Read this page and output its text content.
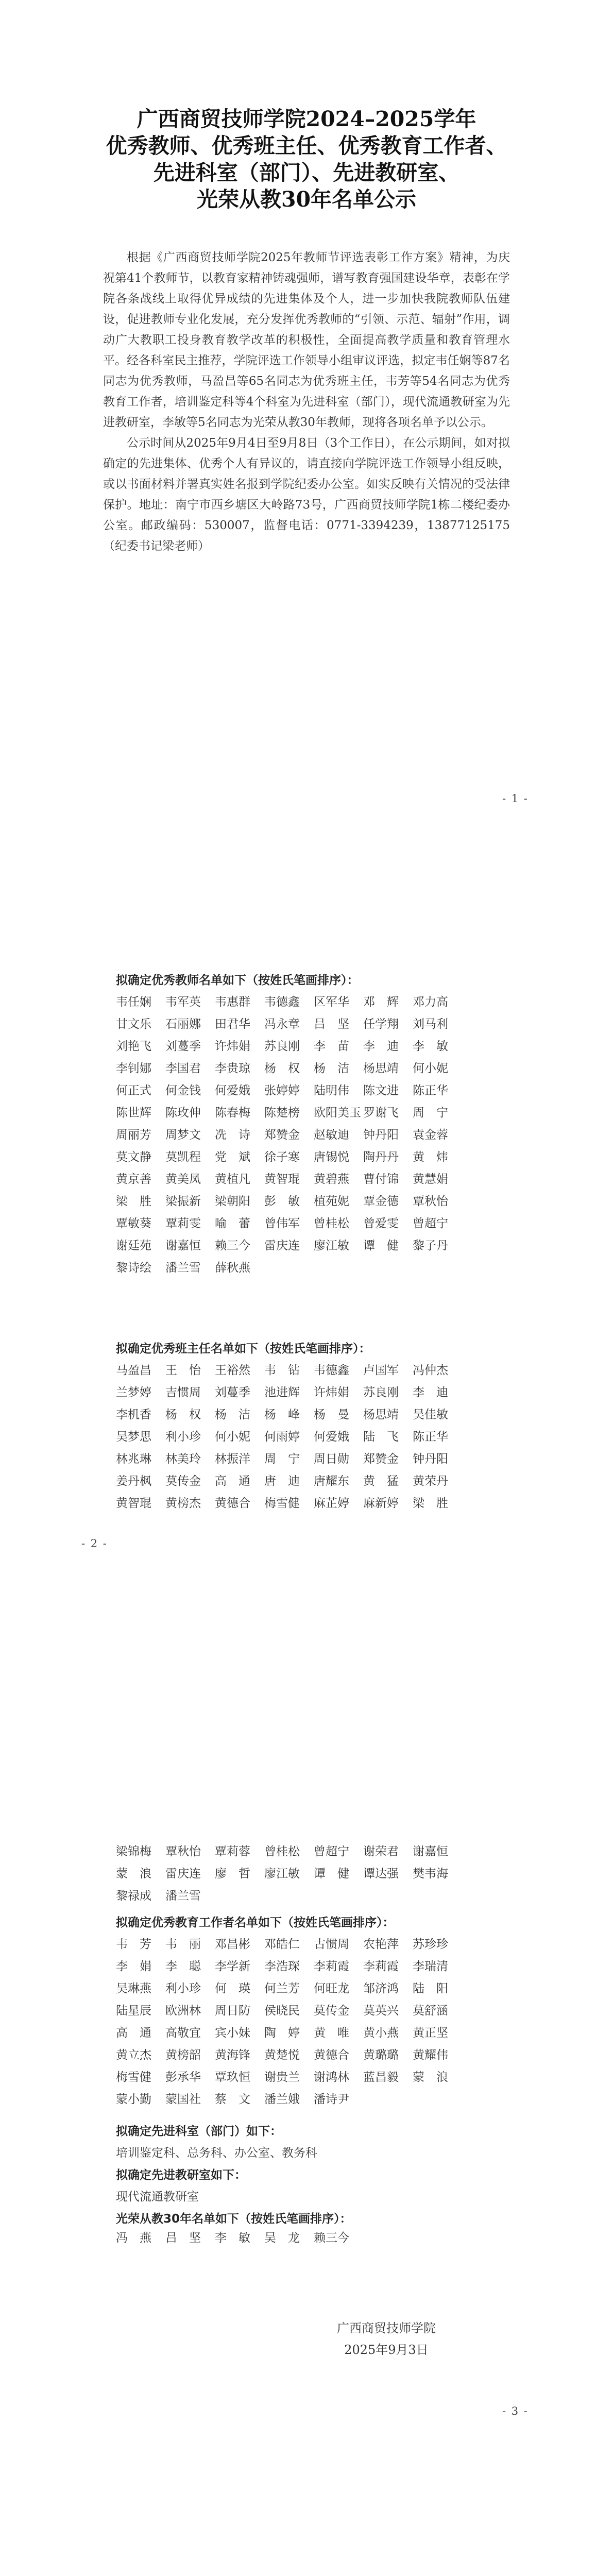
广西商贸技师学院2024–2025学年
优秀教师、优秀班主任、优秀教育工作者、
先进科室（部门）、先进教研室、
光荣从教30年名单公示

根据《广西商贸技师学院2025年教师节评选表彰工作方案》精神，为庆祝第41个教师节，以教育家精神铸魂强师，谱写教育强国建设华章，表彰在学院各条战线上取得优异成绩的先进集体及个人，进一步加快我院教师队伍建设，促进教师专业化发展，充分发挥优秀教师的“引领、示范、辐射”作用，调动广大教职工投身教育教学改革的积极性，全面提高教学质量和教育管理水平。经各科室民主推荐，学院评选工作领导小组审议评选，拟定韦任娴等87名同志为优秀教师，马盈昌等65名同志为优秀班主任，韦芳等54名同志为优秀教育工作者，培训鉴定科等4个科室为先进科室（部门），现代流通教研室为先进教研室，李敏等5名同志为光荣从教30年教师，现将各项名单予以公示。

公示时间从2025年9月4日至9月8日（3个工作日），在公示期间，如对拟确定的先进集体、优秀个人有异议的，请直接向学院评选工作领导小组反映，或以书面材料并署真实姓名报到学院纪委办公室。如实反映有关情况的受法律保护。地址：南宁市西乡塘区大岭路73号，广西商贸技师学院1栋二楼纪委办公室。邮政编码：530007，监督电话：0771-3394239，13877125175（纪委书记梁老师）

- 1 -
拟确定优秀教师名单如下（按姓氏笔画排序）：
韦任娴	韦军英	韦惠群	韦德鑫	区军华	邓　辉	邓力高
甘文乐	石丽娜	田君华	冯永章	吕　坚	任学翔	刘马利
刘艳飞	刘蔓季	许炜娟	苏良刚	李　苗	李　迪	李　敏
李钊娜	李国君	李贵琼	杨　权	杨　洁	杨思靖	何小妮
何正式	何金钱	何爱娥	张婷婷	陆明伟	陈文进	陈正华
陈世辉	陈玫伸	陈春梅	陈楚榜	欧阳美玉 罗谢飞	周　宁
周丽芳	周梦文	冼　诗	郑赞金	赵敏迪	钟丹阳	袁金蓉
莫文静	莫凯程	党　斌	徐子寒	唐锡悦	陶丹丹	黄　炜
黄京善	黄美凤	黄植凡	黄智琨	黄碧燕	曹付锦	黄慧娟
梁　胜	梁振新	梁朝阳	彭　敏	植苑妮	覃金德	覃秋怡
覃敏葵	覃莉雯	喻　蕾	曾伟军	曾桂松	曾爱雯	曾超宁
谢廷苑	谢嘉恒	赖三今	雷庆连	廖江敏	谭　健	黎子丹
黎诗绘	潘兰雪	薛秋燕
拟确定优秀班主任名单如下（按姓氏笔画排序）：
马盈昌	王　怡	王裕然	韦　钻	韦德鑫	卢国军	冯仲杰
兰梦婷	吉惯周	刘蔓季	池进辉	许炜娟	苏良刚	李　迪
李机香	杨　权	杨　洁	杨　峰	杨　曼	杨思靖	吴佳敏
吴梦思	利小珍	何小妮	何雨婷	何爱娥	陆　飞	陈正华
林兆琳	林美玲	林振洋	周　宁	周日勋	郑赞金	钟丹阳
姜丹枫	莫传金	高　通	唐　迪	唐耀东	黄　猛	黄荣丹
黄智琨	黄榜杰	黄德合	梅雪健	麻芷婷	麻新婷	梁　胜
- 2 -
梁锦梅	覃秋怡	覃莉蓉	曾桂松	曾超宁	谢荣君	谢嘉恒
蒙　浪	雷庆连	廖　哲	廖江敏	谭　健	谭达强	樊韦海
黎禄成	潘兰雪
拟确定优秀教育工作者名单如下（按姓氏笔画排序）：
韦　芳	韦　丽	邓昌彬	邓皓仁	古惯周	农艳萍	苏珍珍
李　娟	李　聪	李学新	李浩琛	李莉霞	李莉霞	李瑞清
吴琳燕	利小珍	何　瑛	何兰芳	何旺龙	邹济鸿	陆　阳
陆星辰	欧洲林	周日防	侯晓民	莫传金	莫英兴	莫舒涵
高　通	高敬宜	宾小妹	陶　婷	黄　唯	黄小燕	黄正坚
黄立杰	黄榜韶	黄海锋	黄楚悦	黄德合	黄璐璐	黄耀伟
梅雪健	彭承华	覃玖恒	谢贵兰	谢鸿林	蓝昌毅	蒙　浪
蒙小勤	蒙国社	蔡　文	潘兰娥	潘诗尹
拟确定先进科室（部门）如下：
培训鉴定科、总务科、办公室、教务科
拟确定先进教研室如下：
现代流通教研室
光荣从教30年名单如下（按姓氏笔画排序）：
冯　燕	吕　坚	李　敏	吴　龙	赖三今
广西商贸技师学院
2025年9月3日
- 3 -
